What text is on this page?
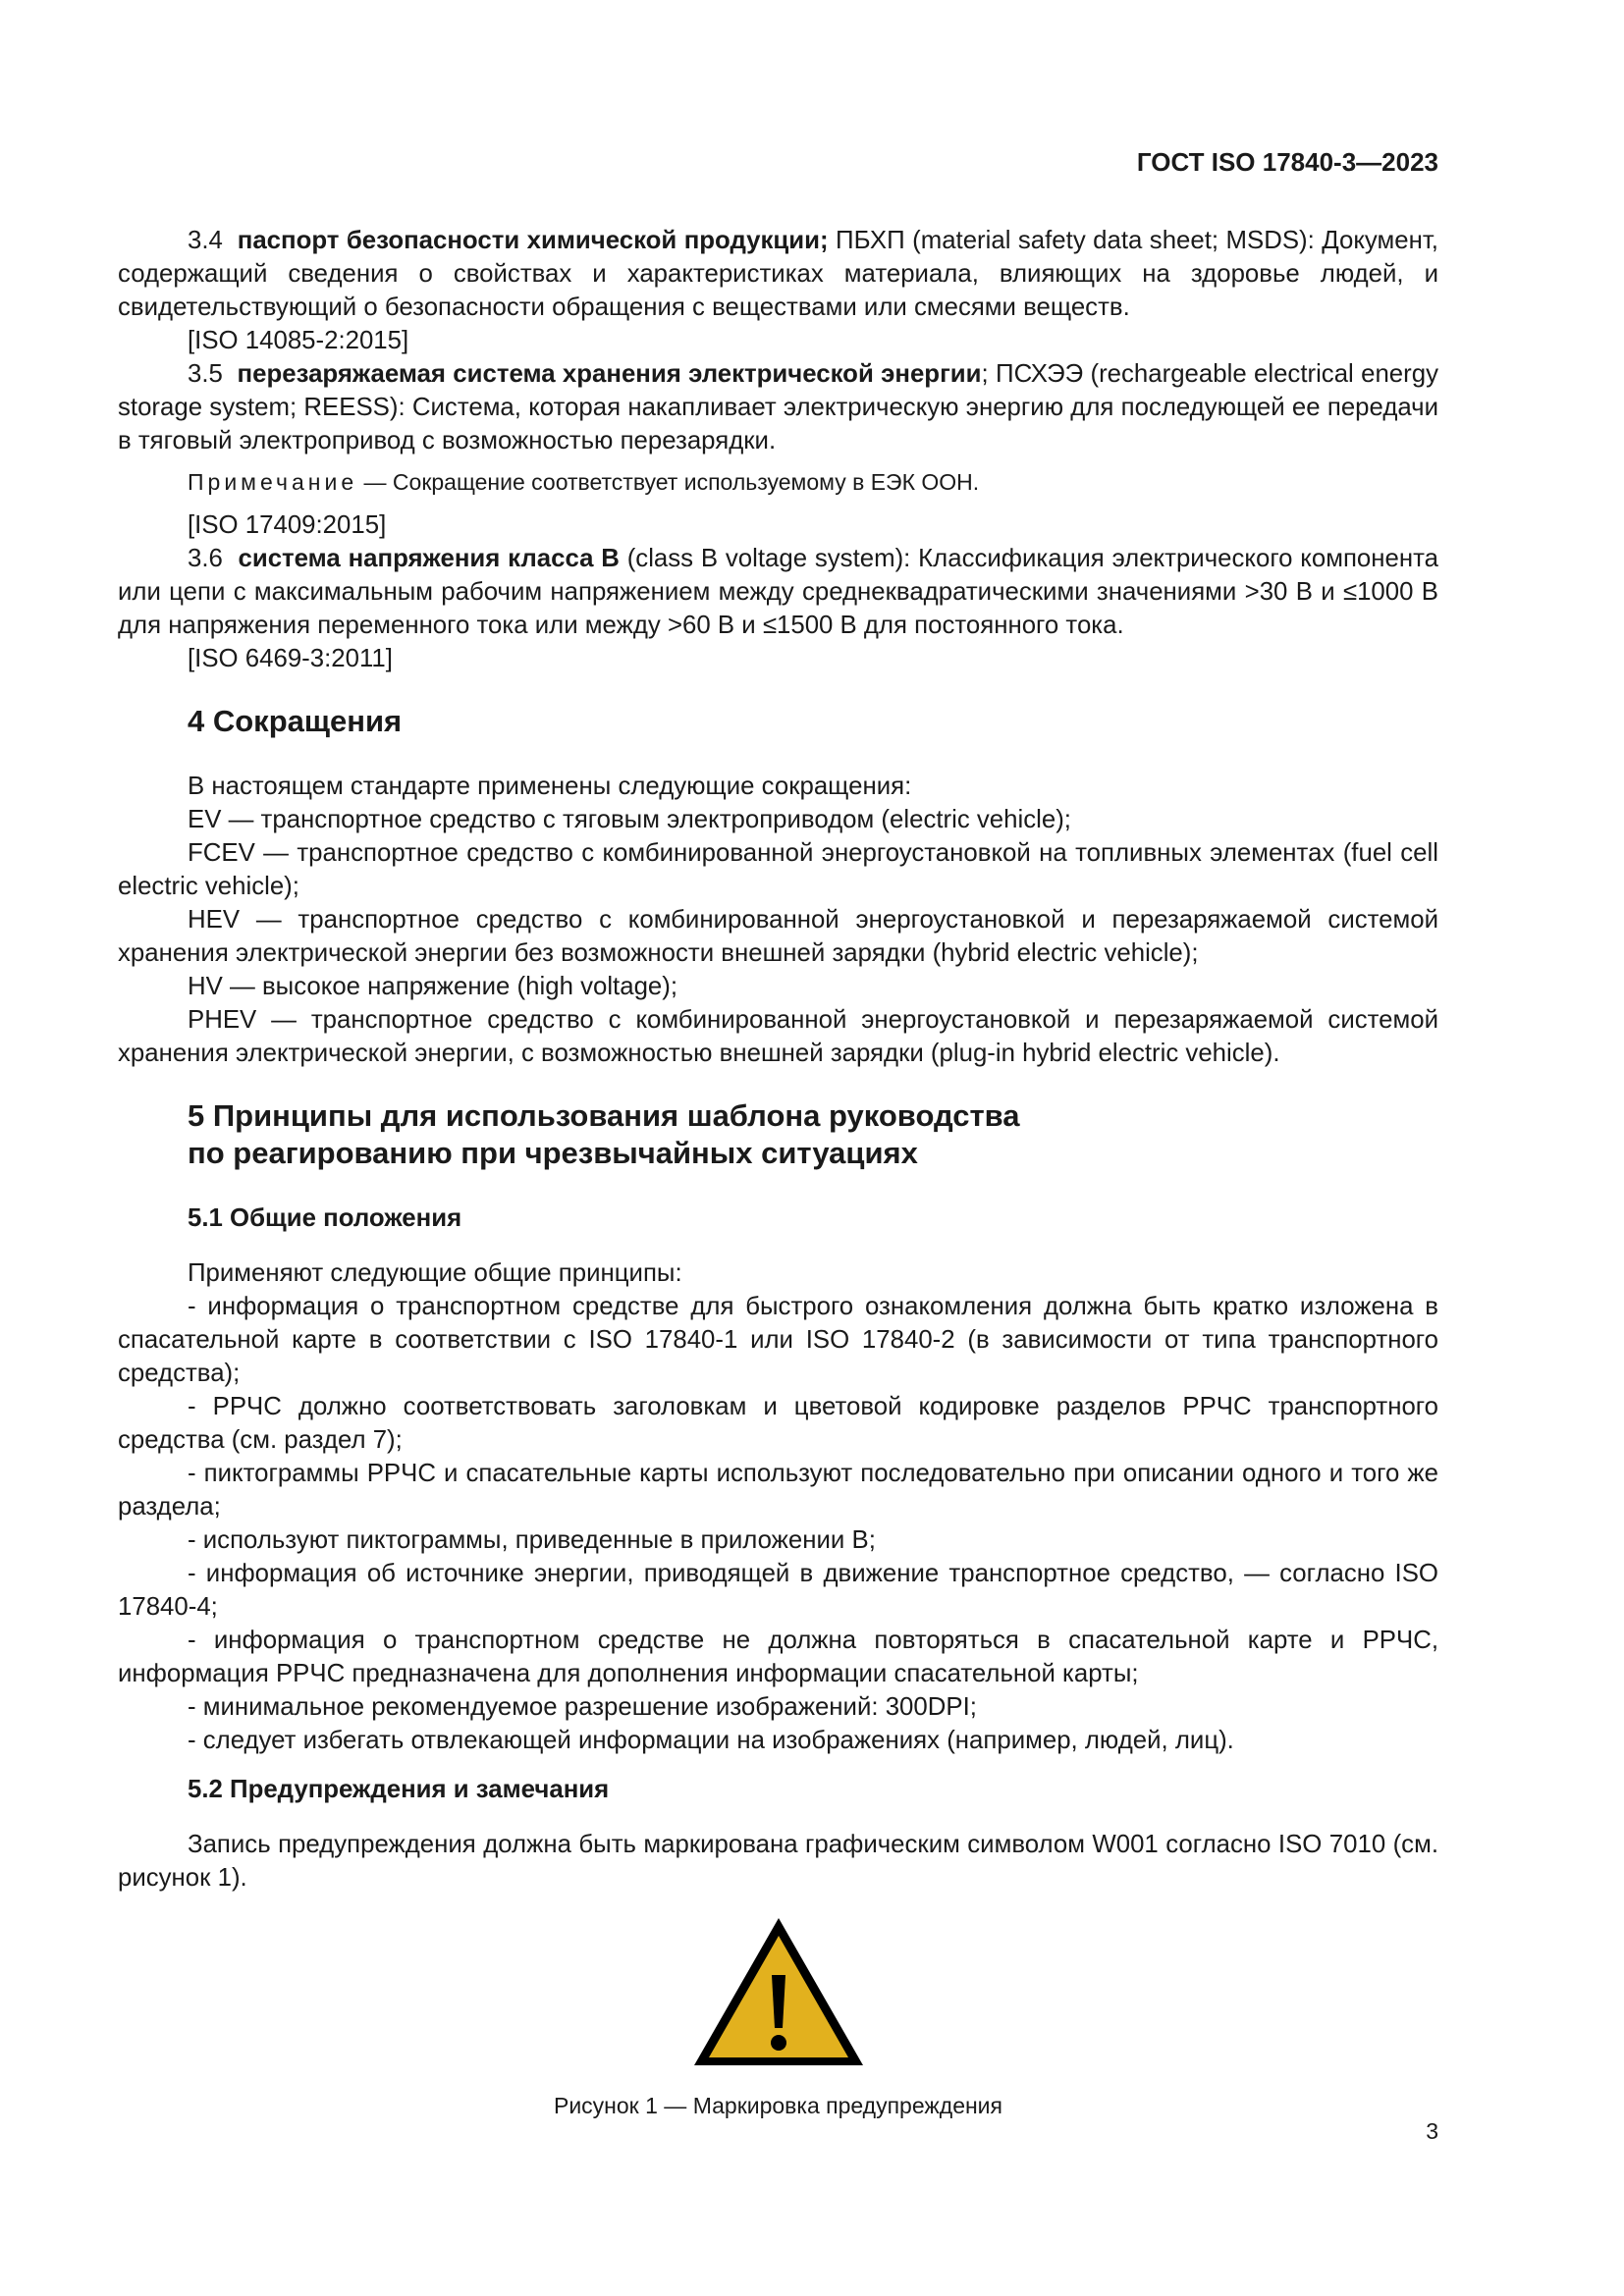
ГОСТ ISO 17840-3—2023

3.4 паспорт безопасности химической продукции; ПБХП (material safety data sheet; MSDS): Документ, содержащий сведения о свойствах и характеристиках материала, влияющих на здоровье людей, и свидетельствующий о безопасности обращения с веществами или смесями веществ.

[ISO 14085-2:2015]

3.5 перезаряжаемая система хранения электрической энергии; ПСХЭЭ (rechargeable electrical energy storage system; REESS): Система, которая накапливает электрическую энергию для последующей ее передачи в тяговый электропривод с возможностью перезарядки.

Примечание — Сокращение соответствует используемому в ЕЭК ООН.

[ISO 17409:2015]

3.6 система напряжения класса В (class B voltage system): Классификация электрического компонента или цепи с максимальным рабочим напряжением между среднеквадратическими значениями >30 В и ≤1000 В для напряжения переменного тока или между >60 В и ≤1500 В для постоянного тока.

[ISO 6469-3:2011]

4 Сокращения

В настоящем стандарте применены следующие сокращения:

EV — транспортное средство с тяговым электроприводом (electric vehicle);

FCEV — транспортное средство с комбинированной энергоустановкой на топливных элементах (fuel cell electric vehicle);

HEV — транспортное средство с комбинированной энергоустановкой и перезаряжаемой системой хранения электрической энергии без возможности внешней зарядки (hybrid electric vehicle);

HV — высокое напряжение (high voltage);

PHEV — транспортное средство с комбинированной энергоустановкой и перезаряжаемой системой хранения электрической энергии, с возможностью внешней зарядки (plug-in hybrid electric vehicle).

5 Принципы для использования шаблона руководства
по реагированию при чрезвычайных ситуациях
5.1 Общие положения

Применяют следующие общие принципы:

- информация о транспортном средстве для быстрого ознакомления должна быть кратко изложена в спасательной карте в соответствии с ISO 17840-1 или ISO 17840-2 (в зависимости от типа транспортного средства);

- РРЧС должно соответствовать заголовкам и цветовой кодировке разделов РРЧС транспортного средства (см. раздел 7);

- пиктограммы РРЧС и спасательные карты используют последовательно при описании одного и того же раздела;

- используют пиктограммы, приведенные в приложении В;

- информация об источнике энергии, приводящей в движение транспортное средство, — согласно ISO 17840-4;

- информация о транспортном средстве не должна повторяться в спасательной карте и РРЧС, информация РРЧС предназначена для дополнения информации спасательной карты;

- минимальное рекомендуемое разрешение изображений: 300DPI;

- следует избегать отвлекающей информации на изображениях (например, людей, лиц).

5.2 Предупреждения и замечания

Запись предупреждения должна быть маркирована графическим символом W001 согласно ISO 7010 (см. рисунок 1).

Рисунок 1 — Маркировка предупреждения
3
